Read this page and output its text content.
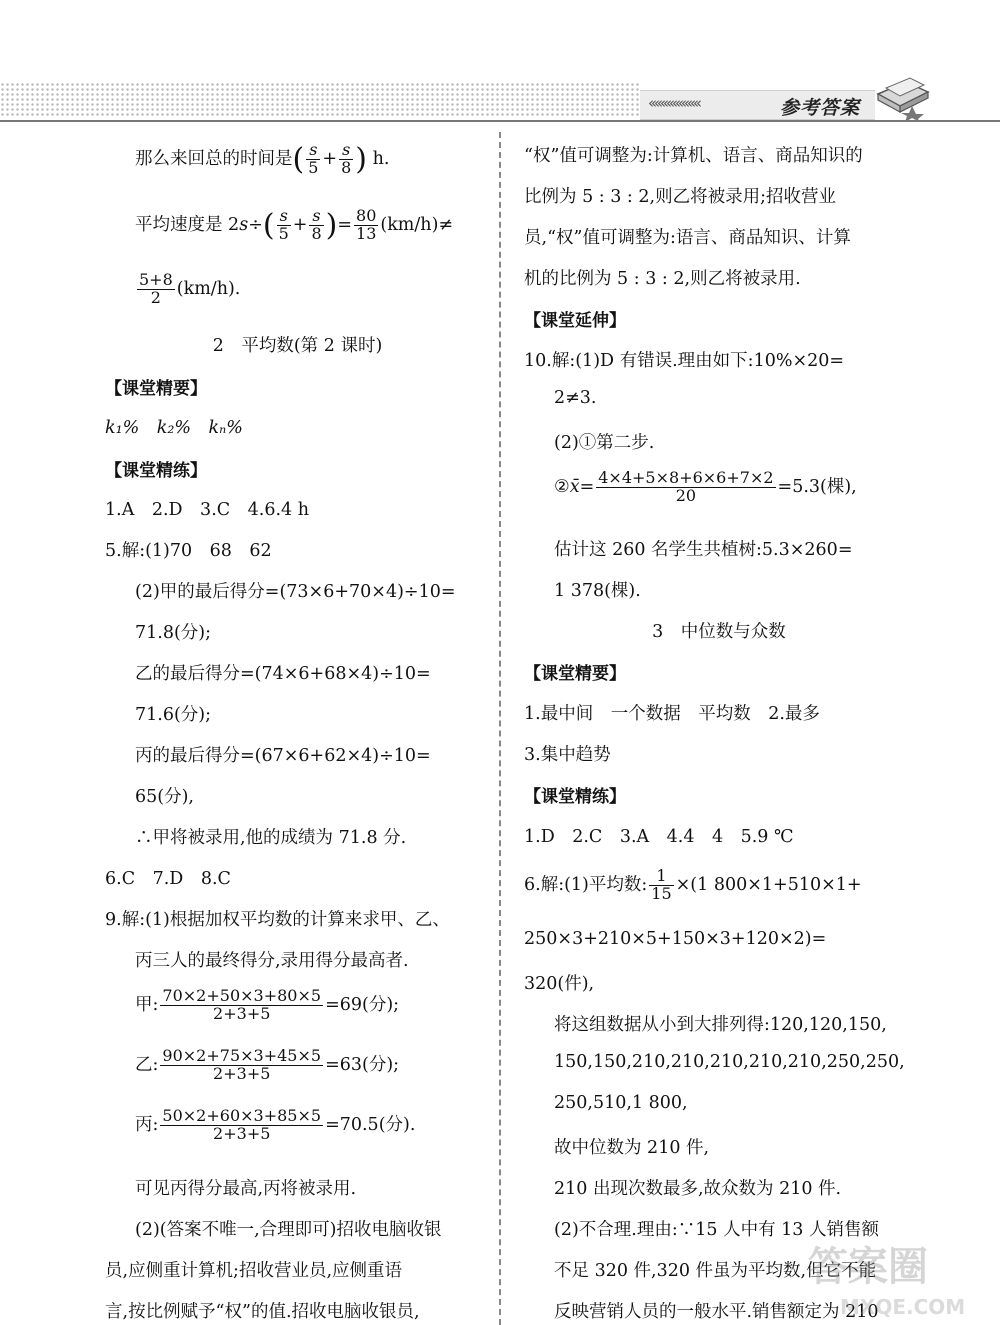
‹‹‹‹‹‹‹‹‹‹‹‹‹‹‹‹‹	参考答案
那么来回总的时间是( $\frac{s}{5} + \frac{s}{8}$ ) h.
平均速度是 $2s\div( \frac{s}{5} + \frac{s}{8}$ )= $\frac{80}{13} (km/h)\ne$
$\frac{5+8}{2} (km/h)$.
2　平均数(第 2 课时)
【课堂精要】
k₁%　k₂%　kₙ%
【课堂精练】
1.A　2.D　3.C　4.6.4 h
5.解:(1)70　68　62
(2)甲的最后得分=(73×6+70×4)÷10=
71.8(分);
乙的最后得分=(74×6+68×4)÷10=
71.6(分);
丙的最后得分=(67×6+62×4)÷10=
65(分),
∴甲将被录用,他的成绩为 71.8 分.
6.C　7.D　8.C
9.解:(1)根据加权平均数的计算来求甲、乙、
丙三人的最终得分,录用得分最高者.
甲: $\frac{70\times 2+50\times 3+80\times 5}{2+3+5} =69$(分);
乙: $\frac{90\times 2+75\times 3+45\times 5}{2+3+5} =63$(分);
丙: $\frac{50\times 2+60\times 3+85\times 5}{2+3+5} =70.5$(分).
可见丙得分最高,丙将被录用.
(2)(答案不唯一,合理即可)招收电脑收银
员,应侧重计算机;招收营业员,应侧重语
言,按比例赋予“权”的值.招收电脑收银员,
“权”值可调整为:计算机、语言、商品知识的
比例为 5 : 3 : 2,则乙将被录用;招收营业
员,“权”值可调整为:语言、商品知识、计算
机的比例为 5 : 3 : 2,则乙将被录用.
【课堂延伸】
10.解:(1)D 有错误.理由如下:10%×20=
2≠3.
(2)①第二步.
②x̄= $\frac{4\times 4+5\times 8+6\times 6+7\times 2}{20} =5.3$(棵),
估计这 260 名学生共植树:5.3×260=
1 378(棵).
3　中位数与众数
【课堂精要】
1.最中间　一个数据　平均数　2.最多
3.集中趋势
【课堂精练】
1.D　2.C　3.A　4.4　4　5.9 ℃
6.解:(1)平均数: $\frac{1}{15} \times(1$ 800×1+510×1+
250×3+210×5+150×3+120×2)=
320(件),
将这组数据从小到大排列得:120,120,150,
150,150,210,210,210,210,210,250,250,
250,510,1 800,
故中位数为 210 件,
210 出现次数最多,故众数为 210 件.
(2)不合理.理由:∵15 人中有 13 人销售额
不足 320 件,320 件虽为平均数,但它不能
反映营销人员的一般水平.销售额定为 210
答案圈
MXQE.COM
